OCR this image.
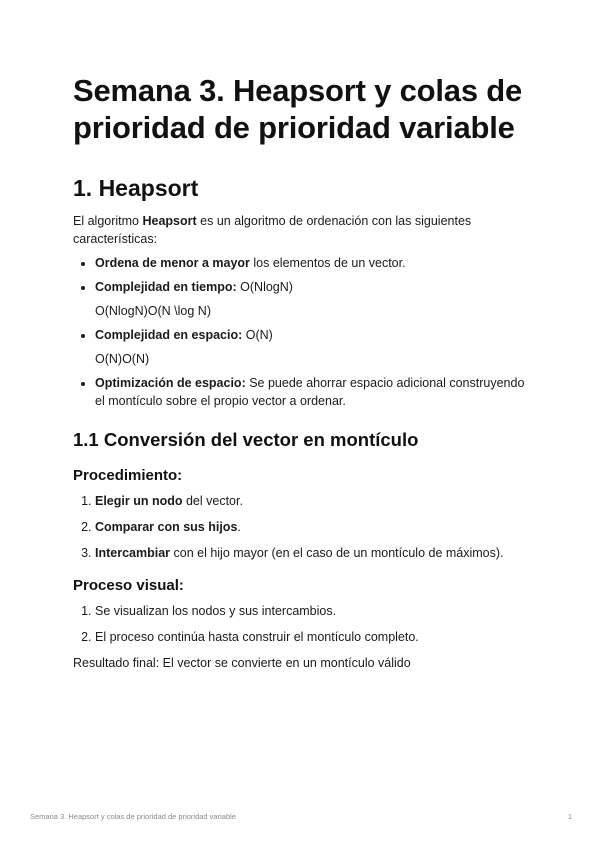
Semana 3. Heapsort y colas de prioridad de prioridad variable
1. Heapsort

El algoritmo Heapsort es un algoritmo de ordenación con las siguientes características:

• Ordena de menor a mayor los elementos de un vector.
• Complejidad en tiempo: O(NlogN)
O(NlogN)O(N \log N)
• Complejidad en espacio: O(N)
O(N)O(N)
• Optimización de espacio: Se puede ahorrar espacio adicional construyendo el montículo sobre el propio vector a ordenar.
1.1 Conversión del vector en montículo
Procedimiento:
1. Elegir un nodo del vector.
2. Comparar con sus hijos.
3. Intercambiar con el hijo mayor (en el caso de un montículo de máximos).
Proceso visual:
1. Se visualizan los nodos y sus intercambios.
2. El proceso continúa hasta construir el montículo completo.

Resultado final: El vector se convierte en un montículo válido

Semana 3. Heapsort y colas de prioridad de prioridad variable	1
